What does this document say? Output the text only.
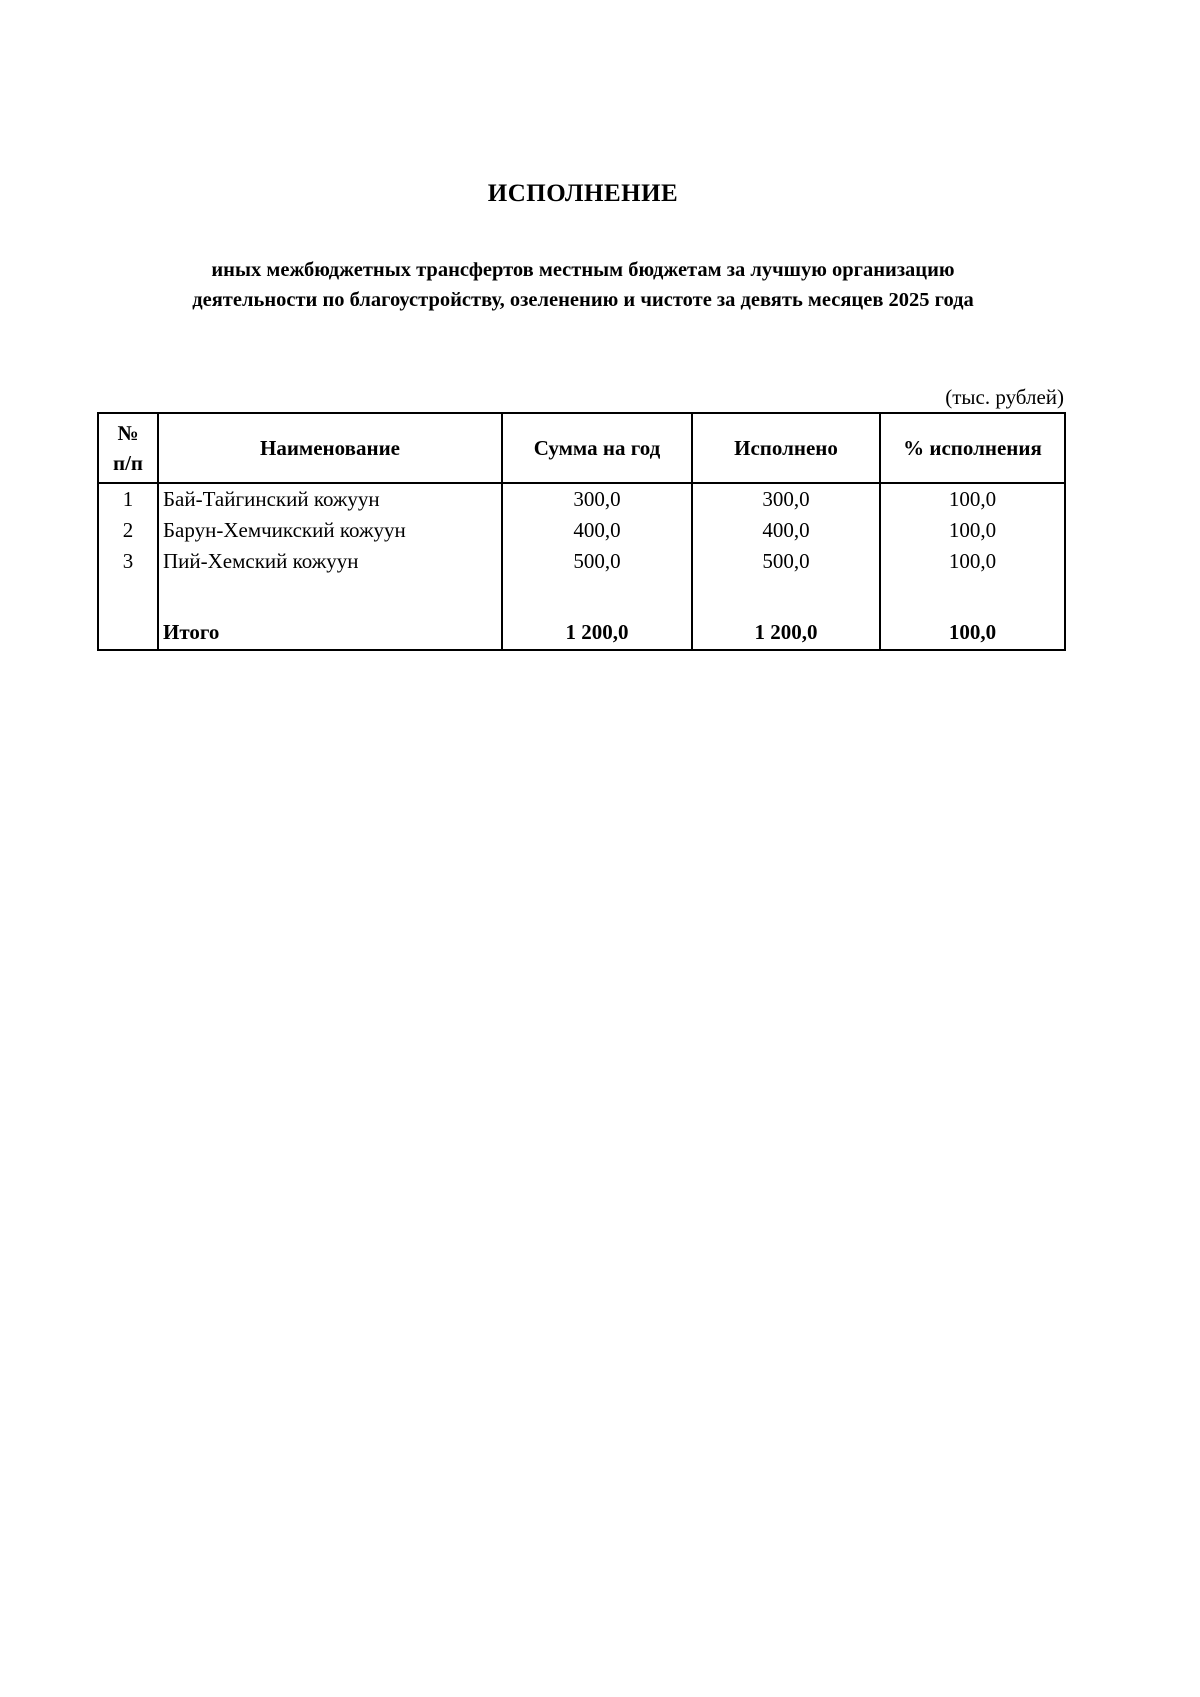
ИСПОЛНЕНИЕ
иных межбюджетных трансфертов местным бюджетам за лучшую организацию
деятельности по благоустройству, озеленению и чистоте за девять месяцев 2025 года
(тыс. рублей)
№
п/п	Наименование	Сумма на год	Исполнено	% исполнения
1	Бай-Тайгинский кожуун	300,0	300,0	100,0
2	Барун-Хемчикский кожуун	400,0	400,0	100,0
3	Пий-Хемский кожуун	500,0	500,0	100,0

	Итого	1 200,0	1 200,0	100,0
